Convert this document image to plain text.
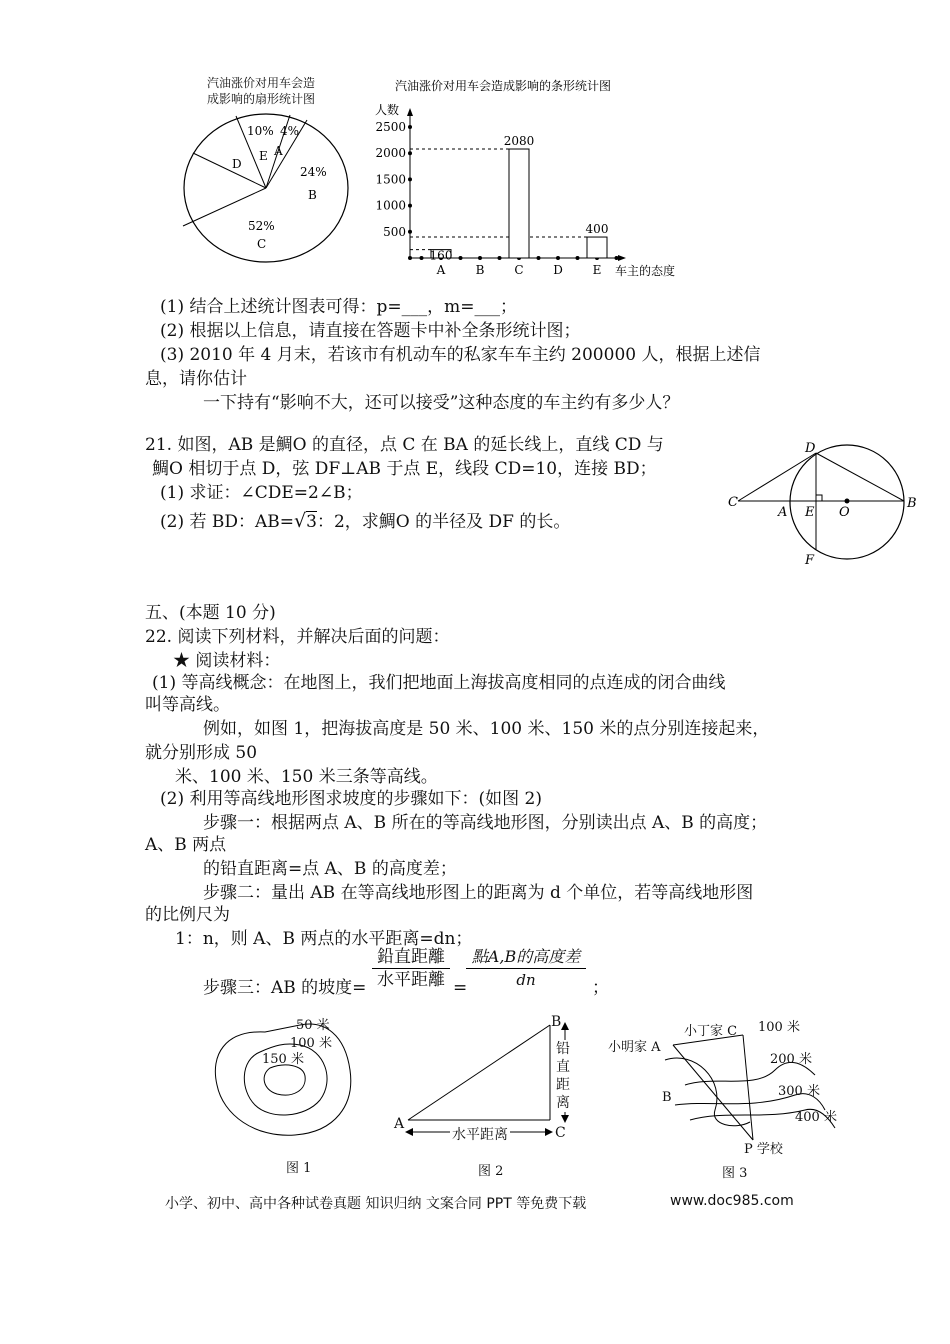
汽油涨价对用车会造
成影响的扇形统计图
10%
E
4%
A
D
24%
B
52%
C
汽油涨价对用车会造成影响的条形统计图
人数
500
1000
1500
2000
2500
A	B C D E
160
2080
400
车主的态度
(1) 结合上述统计图表可得：p=___，m=___；
(2) 根据以上信息，请直接在答题卡中补全条形统计图；
(3) 2010 年 4 月末，若该市有机动车的私家车车主约 200000 人，根据上述信
息，请你估计
一下持有“影响不大，还可以接受”这种态度的车主约有多少人？
21. 如图，AB 是鯛O 的直径，点 C 在 BA 的延长线上，直线 CD 与
鯛O 相切于点 D，弦 DF⊥AB 于点 E，线段 CD=10，连接 BD；
(1) 求证：∠CDE=2∠B；
(2) 若 BD：AB=√3：2，求鯛O 的半径及 DF 的长。
D
C
A E O
B
F
五、(本题 10 分)
22. 阅读下列材料，并解决后面的问题：
★ 阅读材料：
(1) 等高线概念：在地图上，我们把地面上海拔高度相同的点连成的闭合曲线
叫等高线。
例如，如图 1，把海拔高度是 50 米、100 米、150 米的点分别连接起来，
就分别形成 50
米、100 米、150 米三条等高线。
(2) 利用等高线地形图求坡度的步骤如下：(如图 2)
步骤一：根据两点 A、B 所在的等高线地形图，分别读出点 A、B 的高度；
A、B 两点
的铅直距离=点 A、B 的高度差；
步骤二：量出 AB 在等高线地形图上的距离为 d 个单位，若等高线地形图
的比例尺为
1：n，则 A、B 两点的水平距离=dn；
步骤三：AB 的坡度=
鉛直距離
水平距離 =
點A,B的高度差
dn	；
50 米
100 米
150 米
图 1
B
A
C
铅直距离
水平距离
图 2
小丁家 C
小明家 A
B
P 学校
100 米
200 米
300 米
400 米
图 3
小学、初中、高中各种试卷真题 知识归纳 文案合同 PPT 等免费下载	www.doc985.com
